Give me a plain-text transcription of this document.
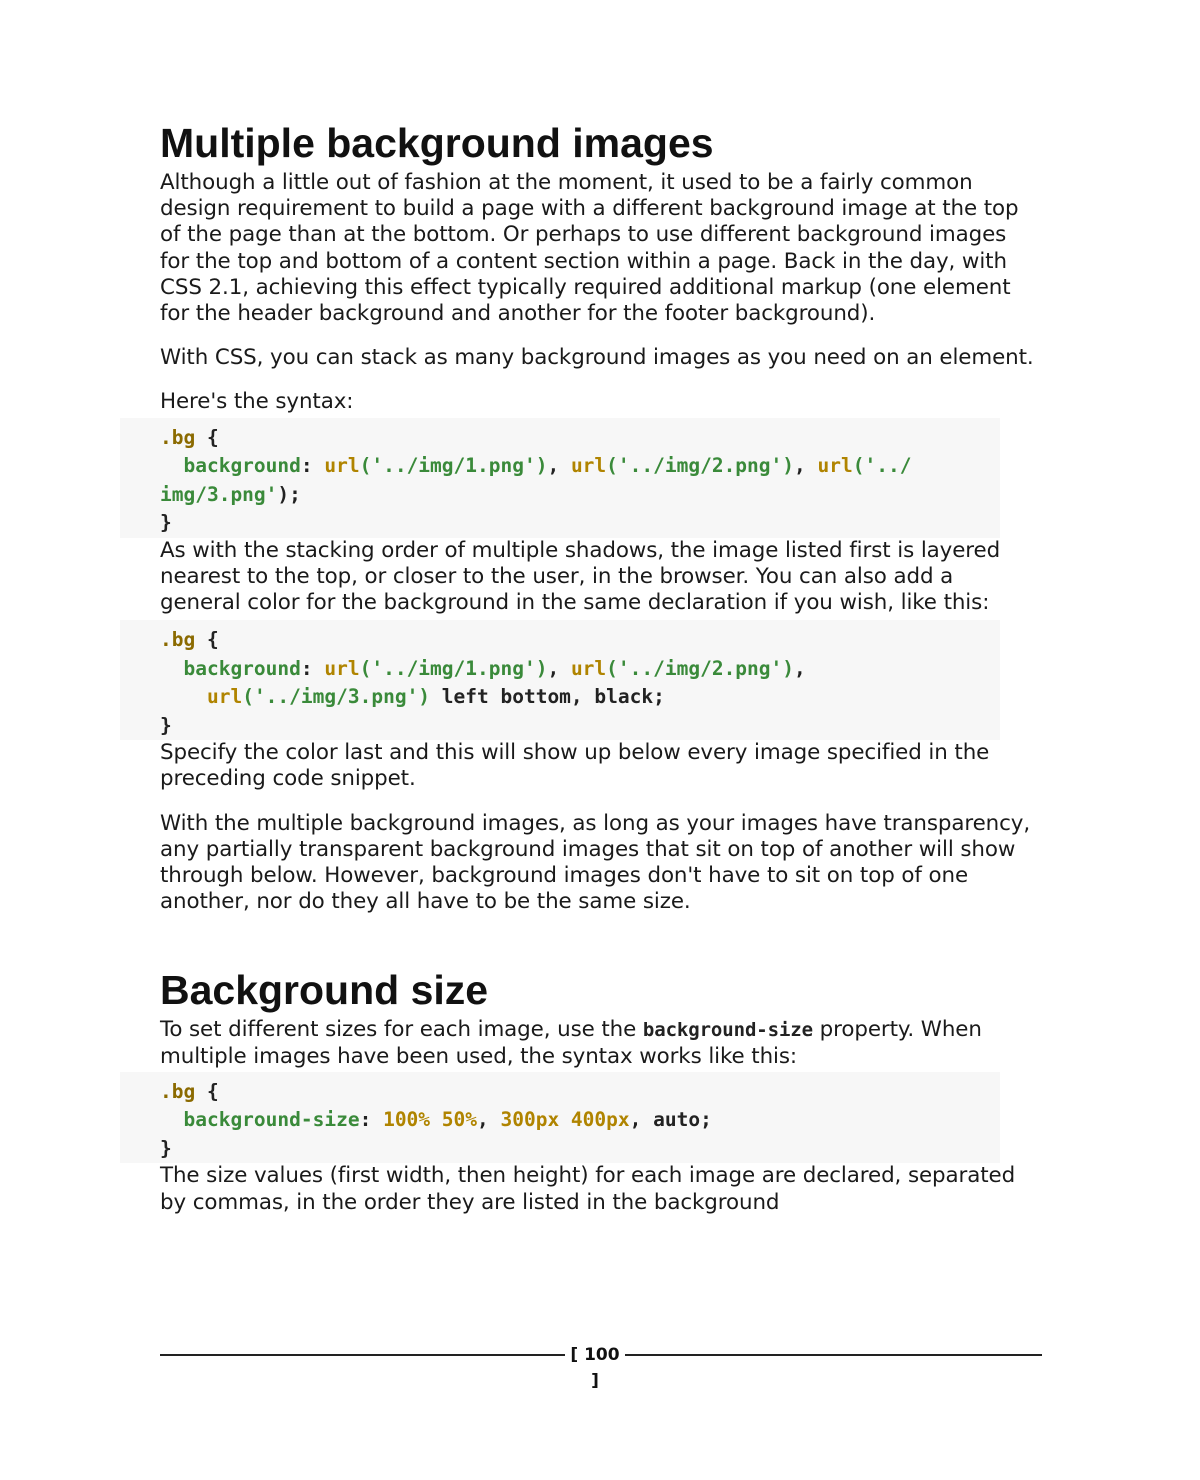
Multiple background images

Although a little out of fashion at the moment, it used to be a fairly common design requirement to build a page with a different background image at the top of the page than at the bottom. Or perhaps to use different background images for the top and bottom of a content section within a page. Back in the day, with CSS 2.1, achieving this effect typically required additional markup (one element for the header background and another for the footer background).

With CSS, you can stack as many background images as you need on an element.

Here's the syntax:

.bg {
background: url('../img/1.png'), url('../img/2.png'), url('../
img/3.png');
}

As with the stacking order of multiple shadows, the image listed first is layered nearest to the top, or closer to the user, in the browser. You can also add a general color for the background in the same declaration if you wish, like this:

.bg {
background: url('../img/1.png'), url('../img/2.png'),
url('../img/3.png') left bottom, black;
}

Specify the color last and this will show up below every image specified in the preceding code snippet.

With the multiple background images, as long as your images have transparency, any partially transparent background images that sit on top of another will show through below. However, background images don't have to sit on top of one another, nor do they all have to be the same size.

Background size

To set different sizes for each image, use the background-size property. When multiple images have been used, the syntax works like this:

.bg {
background-size: 100% 50%, 300px 400px, auto;
}

The size values (first width, then height) for each image are declared, separated by commas, in the order they are listed in the background

[ 100 ]
